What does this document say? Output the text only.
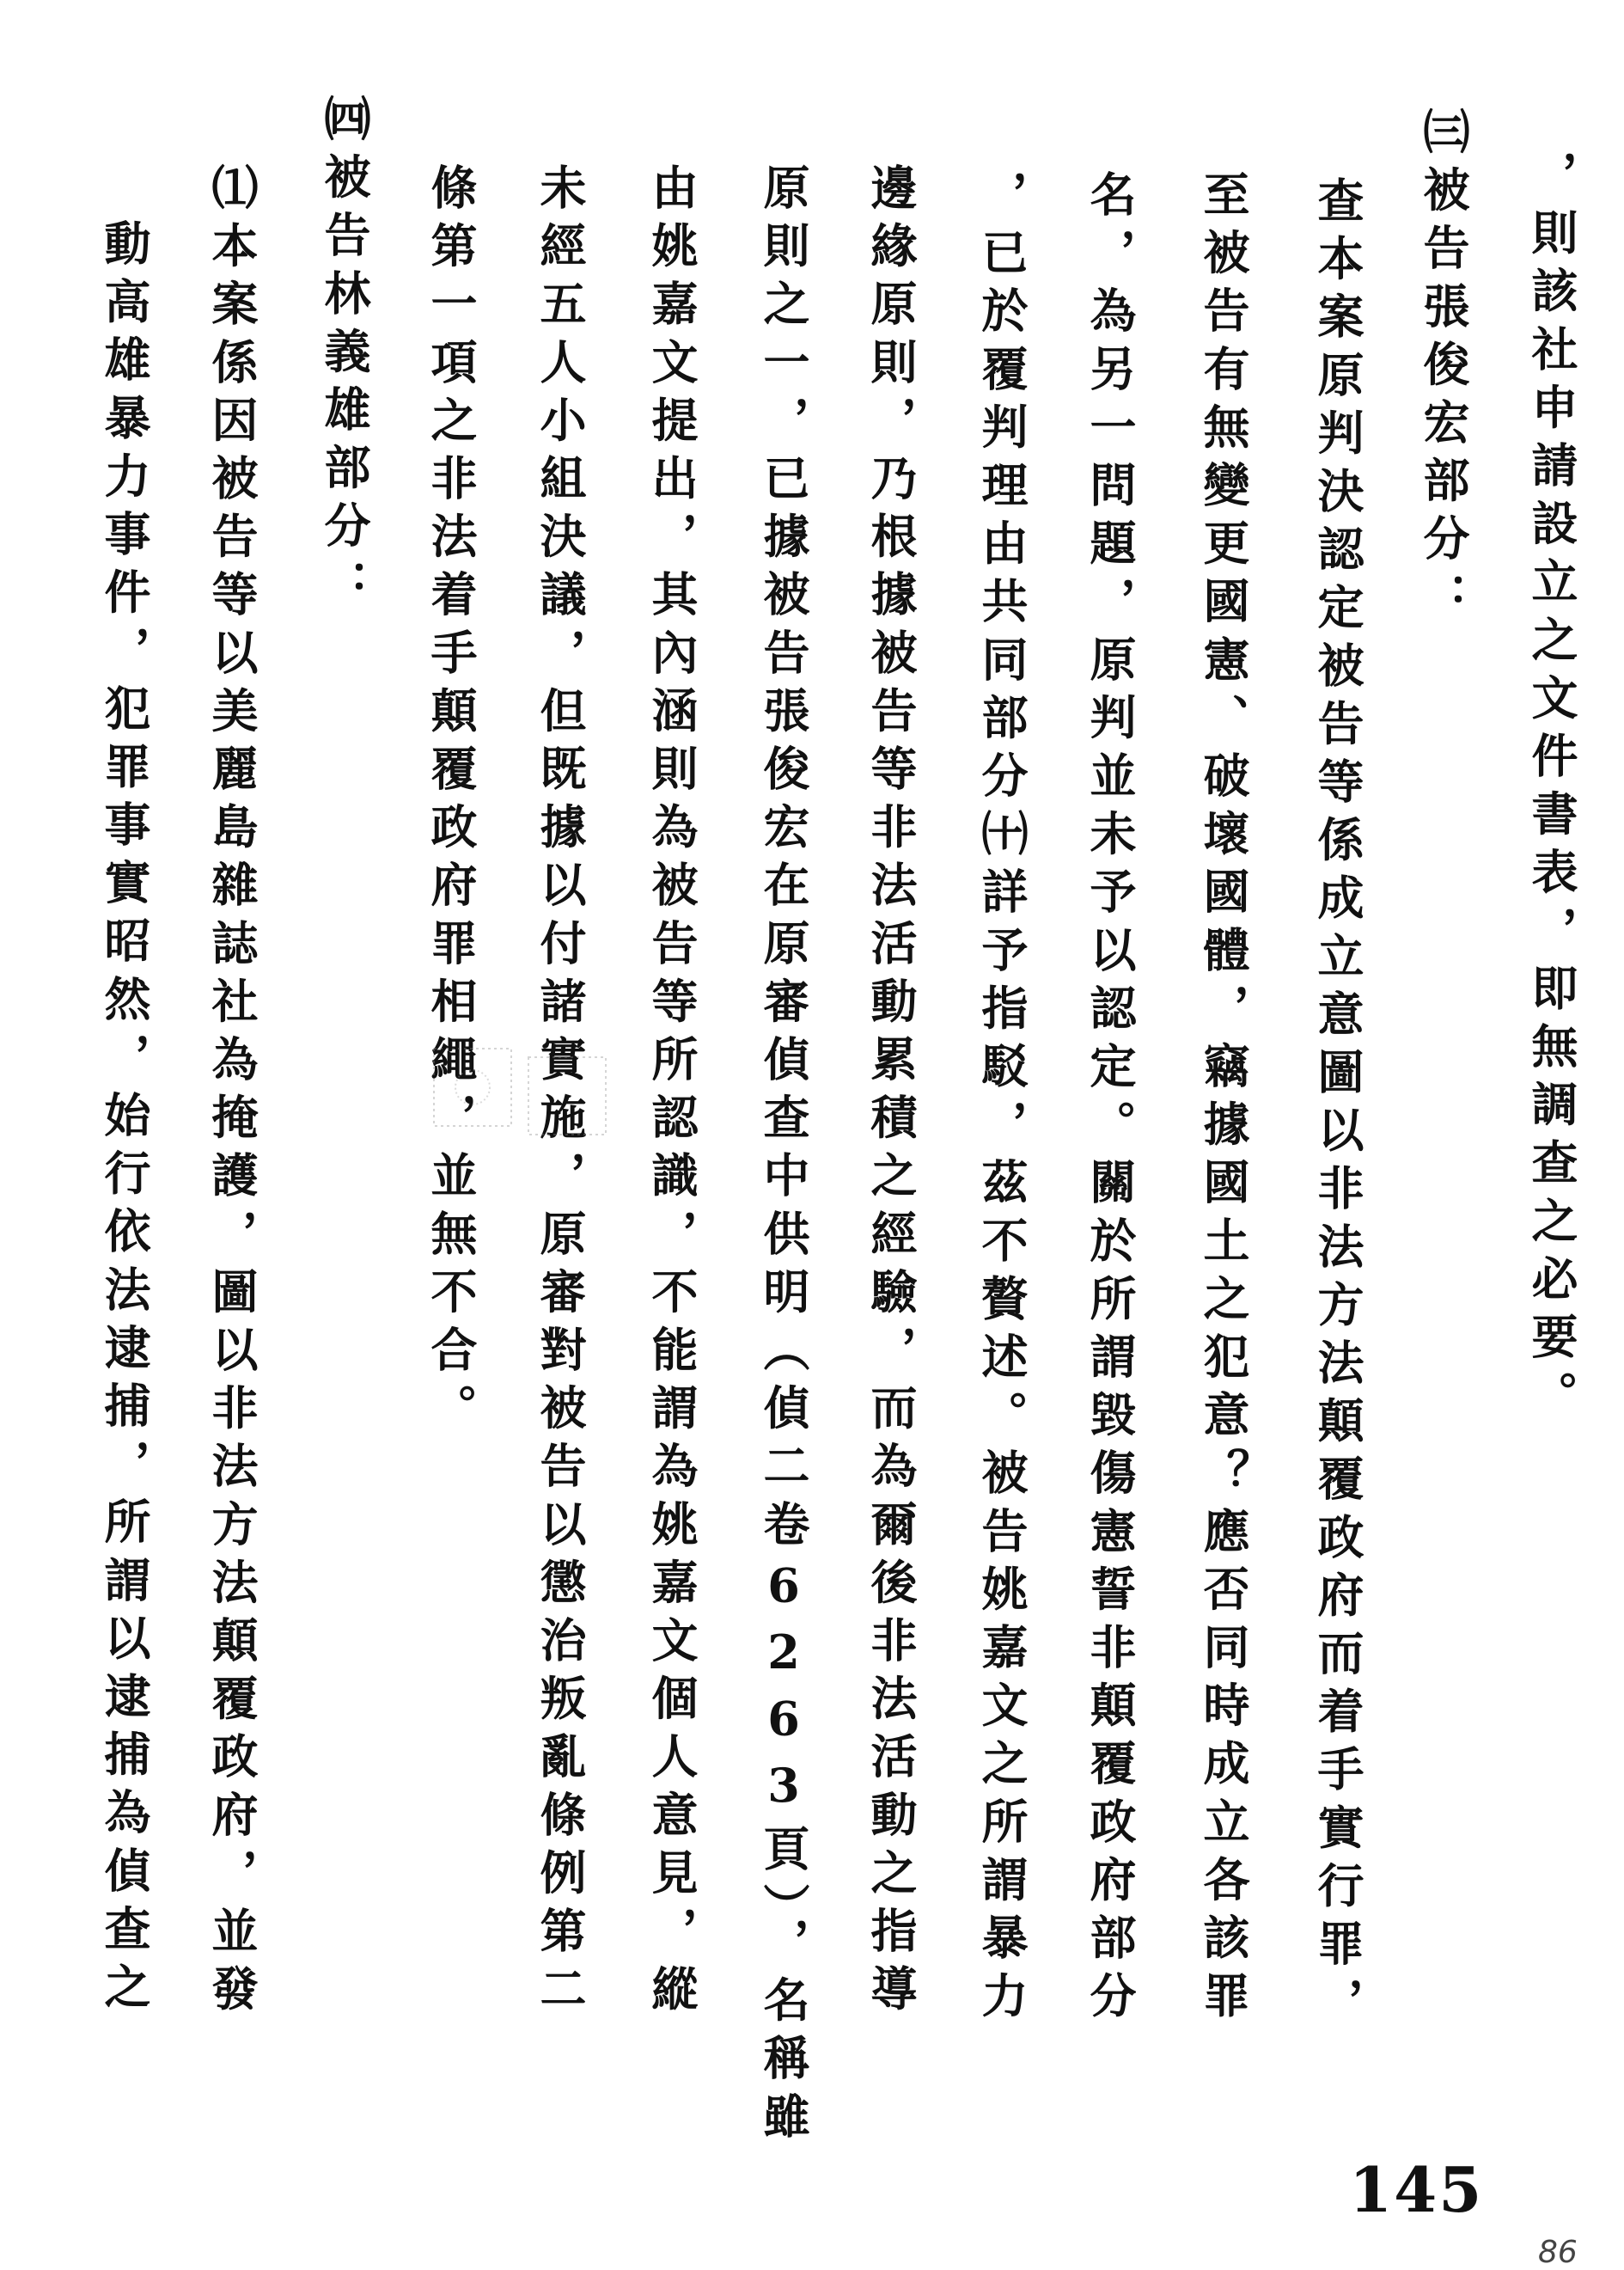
，則該社申請設立之文件書表，即無調查之必要。
㈢被告張俊宏部分：
查本案原判決認定被告等係成立意圖以非法方法顛覆政府而着手實行罪，
至被告有無變更國憲、破壞國體，竊據國土之犯意？應否同時成立各該罪
名，為另一問題，原判並未予以認定。關於所謂毀傷憲誓非顛覆政府部分
，已於覆判理由共同部分㈩詳予指駁，茲不贅述。被告姚嘉文之所謂暴力
邊緣原則，乃根據被告等非法活動累積之經驗，而為爾後非法活動之指導
原則之一，已據被告張俊宏在原審偵查中供明（偵二卷6263頁），名稱雖
由姚嘉文提出，其內涵則為被告等所認識，不能謂為姚嘉文個人意見，縱
未經五人小組決議，但既據以付諸實施，原審對被告以懲治叛亂條例第二
條第一項之非法着手顛覆政府罪相繩，並無不合。
㈣被告林義雄部分：
⑴本案係因被告等以美麗島雜誌社為掩護，圖以非法方法顛覆政府，並發
動高雄暴力事件，犯罪事實昭然，始行依法逮捕，所謂以逮捕為偵查之
145
86
